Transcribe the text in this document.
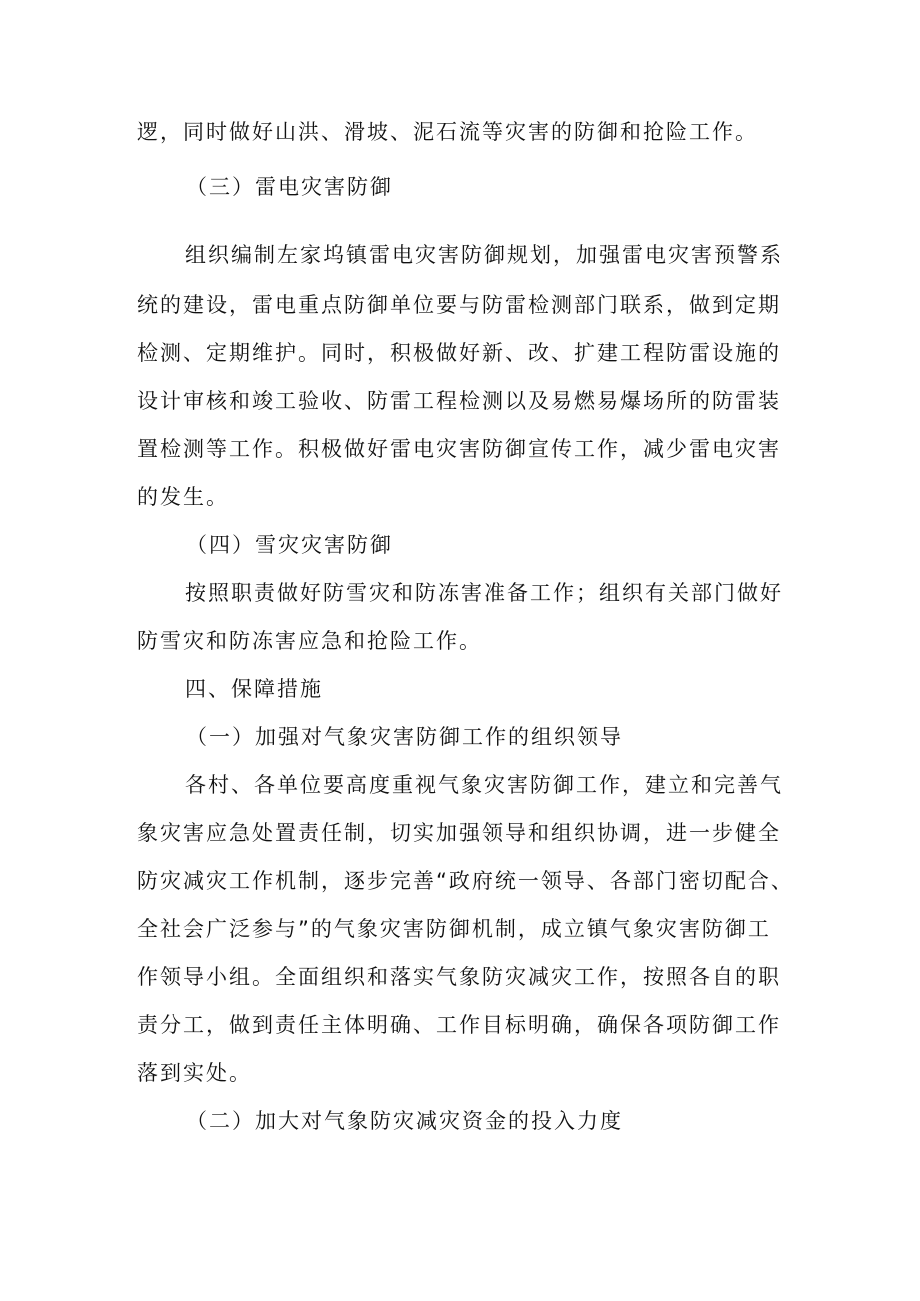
逻，同时做好山洪、滑坡、泥石流等灾害的防御和抢险工作。
（三）雷电灾害防御
组织编制左家坞镇雷电灾害防御规划，加强雷电灾害预警系
统的建设，雷电重点防御单位要与防雷检测部门联系，做到定期
检测、定期维护。同时，积极做好新、改、扩建工程防雷设施的
设计审核和竣工验收、防雷工程检测以及易燃易爆场所的防雷装
置检测等工作。积极做好雷电灾害防御宣传工作，减少雷电灾害
的发生。
（四）雪灾灾害防御
按照职责做好防雪灾和防冻害准备工作；组织有关部门做好
防雪灾和防冻害应急和抢险工作。
四、保障措施
（一）加强对气象灾害防御工作的组织领导
各村、各单位要高度重视气象灾害防御工作，建立和完善气
象灾害应急处置责任制，切实加强领导和组织协调，进一步健全
防灾减灾工作机制，逐步完善“政府统一领导、各部门密切配合、
全社会广泛参与”的气象灾害防御机制，成立镇气象灾害防御工
作领导小组。全面组织和落实气象防灾减灾工作，按照各自的职
责分工，做到责任主体明确、工作目标明确，确保各项防御工作
落到实处。
（二）加大对气象防灾减灾资金的投入力度
